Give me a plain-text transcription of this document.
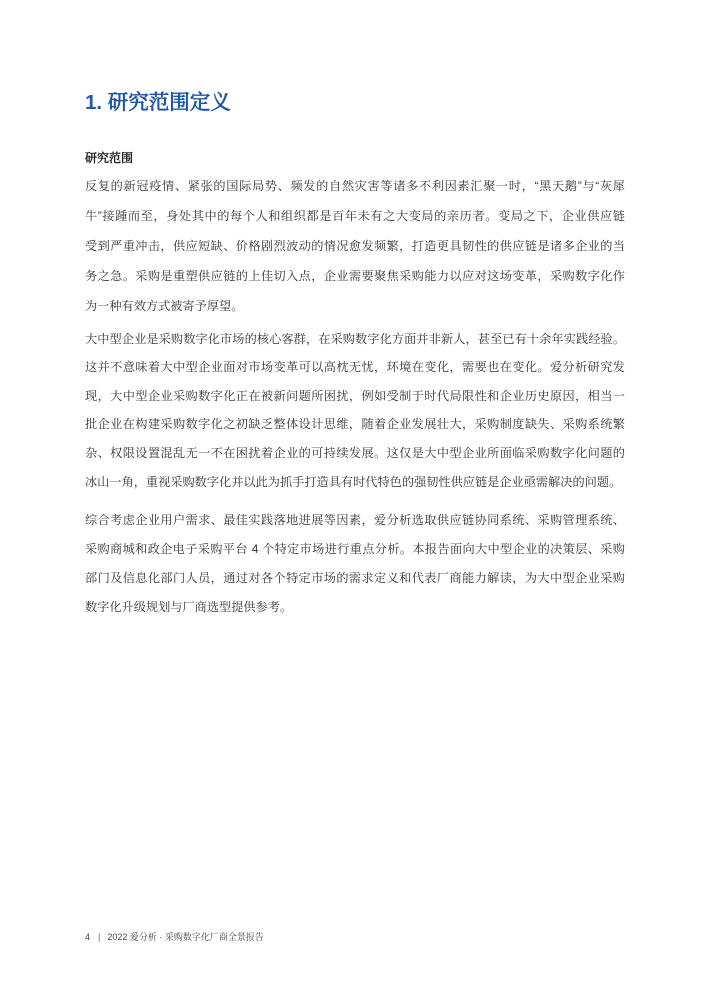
1. 研究范围定义
研究范围
反复的新冠疫情、紧张的国际局势、频发的自然灾害等诸多不利因素汇聚一时，“黑天鹅”与“灰犀
牛”接踵而至，身处其中的每个人和组织都是百年未有之大变局的亲历者。变局之下，企业供应链
受到严重冲击，供应短缺、价格剧烈波动的情况愈发频繁，打造更具韧性的供应链是诸多企业的当
务之急。采购是重塑供应链的上佳切入点，企业需要聚焦采购能力以应对这场变革，采购数字化作
为一种有效方式被寄予厚望。
大中型企业是采购数字化市场的核心客群，在采购数字化方面并非新人，甚至已有十余年实践经验。
这并不意味着大中型企业面对市场变革可以高枕无忧，环境在变化，需要也在变化。爱分析研究发
现，大中型企业采购数字化正在被新问题所困扰，例如受制于时代局限性和企业历史原因，相当一
批企业在构建采购数字化之初缺乏整体设计思维，随着企业发展壮大，采购制度缺失、采购系统繁
杂、权限设置混乱无一不在困扰着企业的可持续发展。这仅是大中型企业所面临采购数字化问题的
冰山一角，重视采购数字化并以此为抓手打造具有时代特色的强韧性供应链是企业亟需解决的问题。
综合考虑企业用户需求、最佳实践落地进展等因素，爱分析选取供应链协同系统、采购管理系统、
采购商城和政企电子采购平台 4 个特定市场进行重点分析。本报告面向大中型企业的决策层、采购
部门及信息化部门人员，通过对各个特定市场的需求定义和代表厂商能力解读，为大中型企业采购
数字化升级规划与厂商选型提供参考。
4 | 2022 爱分析 · 采购数字化厂商全景报告
